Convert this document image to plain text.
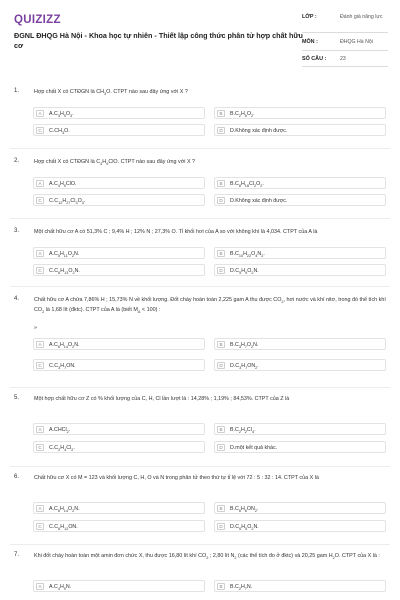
QUIZIZZ
ĐGNL ĐHQG Hà Nội - Khoa học tự nhiên - Thiết lập công thức phân tử hợp chất hữu cơ
LỚP :	Đánh giá năng lực
MÔN :	ĐHQG Hà Nội
SỐ CÂU :	23
1.	Hợp chất X có CTĐGN là $CH_3O$. CTPT nào sau đây ứng với X ?
A	$A.C_3H_9O_3$.	B	$B.C_2H_6O_2$.
C	$C.CH_3O$.	D	D.Không xác định được.
2.	Hợp chất X có CTĐGN là $C_4H_9ClO$. CTPT nào sau đây ứng với X ?
A	$A.C_4H_9ClO$.	B	$B.C_8H_{18}Cl_2O_2$.
C	$C.C_{12}H_{27}Cl_3O_3$.	D	D.Không xác định được.
3.	Một chất hữu cơ A có 51,3% C ; 9,4% H ; 12% N ; 27,3% O. Tỉ khối hơi của A so với không khí là 4,034. CTPT của A là
A	$A.C_5H_{11}O_2N$.	B	$B.C_{10}H_{22}O_4N_2$.
C	$C.C_6H_{13}O_2N$.	D	$D.C_5H_9O_2N$.
4.	Chất hữu cơ A chứa 7,86% H ; 15,73% N về khối lượng. Đốt cháy hoàn toàn 2,225 gam A thu được $CO_2$, hơi nước và khí nitơ, trong đó thể tích khí $CO_2$ là 1,68 lít (đktc). CTPT của A là (biết $M_A < 100$) :

»
A	$A.C_6H_{14}O_2N$.	B	$B.C_3H_7O_2N$.
C	$C.C_3H_7ON$.	D	$D.C_3H_7ON_2$.
5.	Một hợp chất hữu cơ Z có % khối lượng của C, H, Cl lần lượt là : 14,28% ; 1,19% ; 84,53%. CTPT của Z là
A	A.CHCl$_2$.	B	$B.C_2H_2Cl_4$.
C	$C.C_2H_4Cl_2$.	D	D.một kết quả khác.
6.	Chất hữu cơ X có M = 123 và khối lượng C, H, O và N trong phân tử theo thứ tự tỉ lệ với 72 : 5 : 32 : 14. CTPT của X là
A	$A.C_6H_{14}O_2N$.	B	$B.C_6H_6ON_2$.
C	$C.C_6H_{12}ON$.	D	$D.C_6H_5O_2N$.
7.	Khi đốt cháy hoàn toàn một amin đơn chức X, thu được 16,80 lít khí $CO_2$ ; 2,80 lít $N_2$ (các thể tích đo ở đktc) và 20,25 gam $H_2O$. CTPT của X là :
A	$A.C_4H_9N$.	B	$B.C_2H_7N$.
